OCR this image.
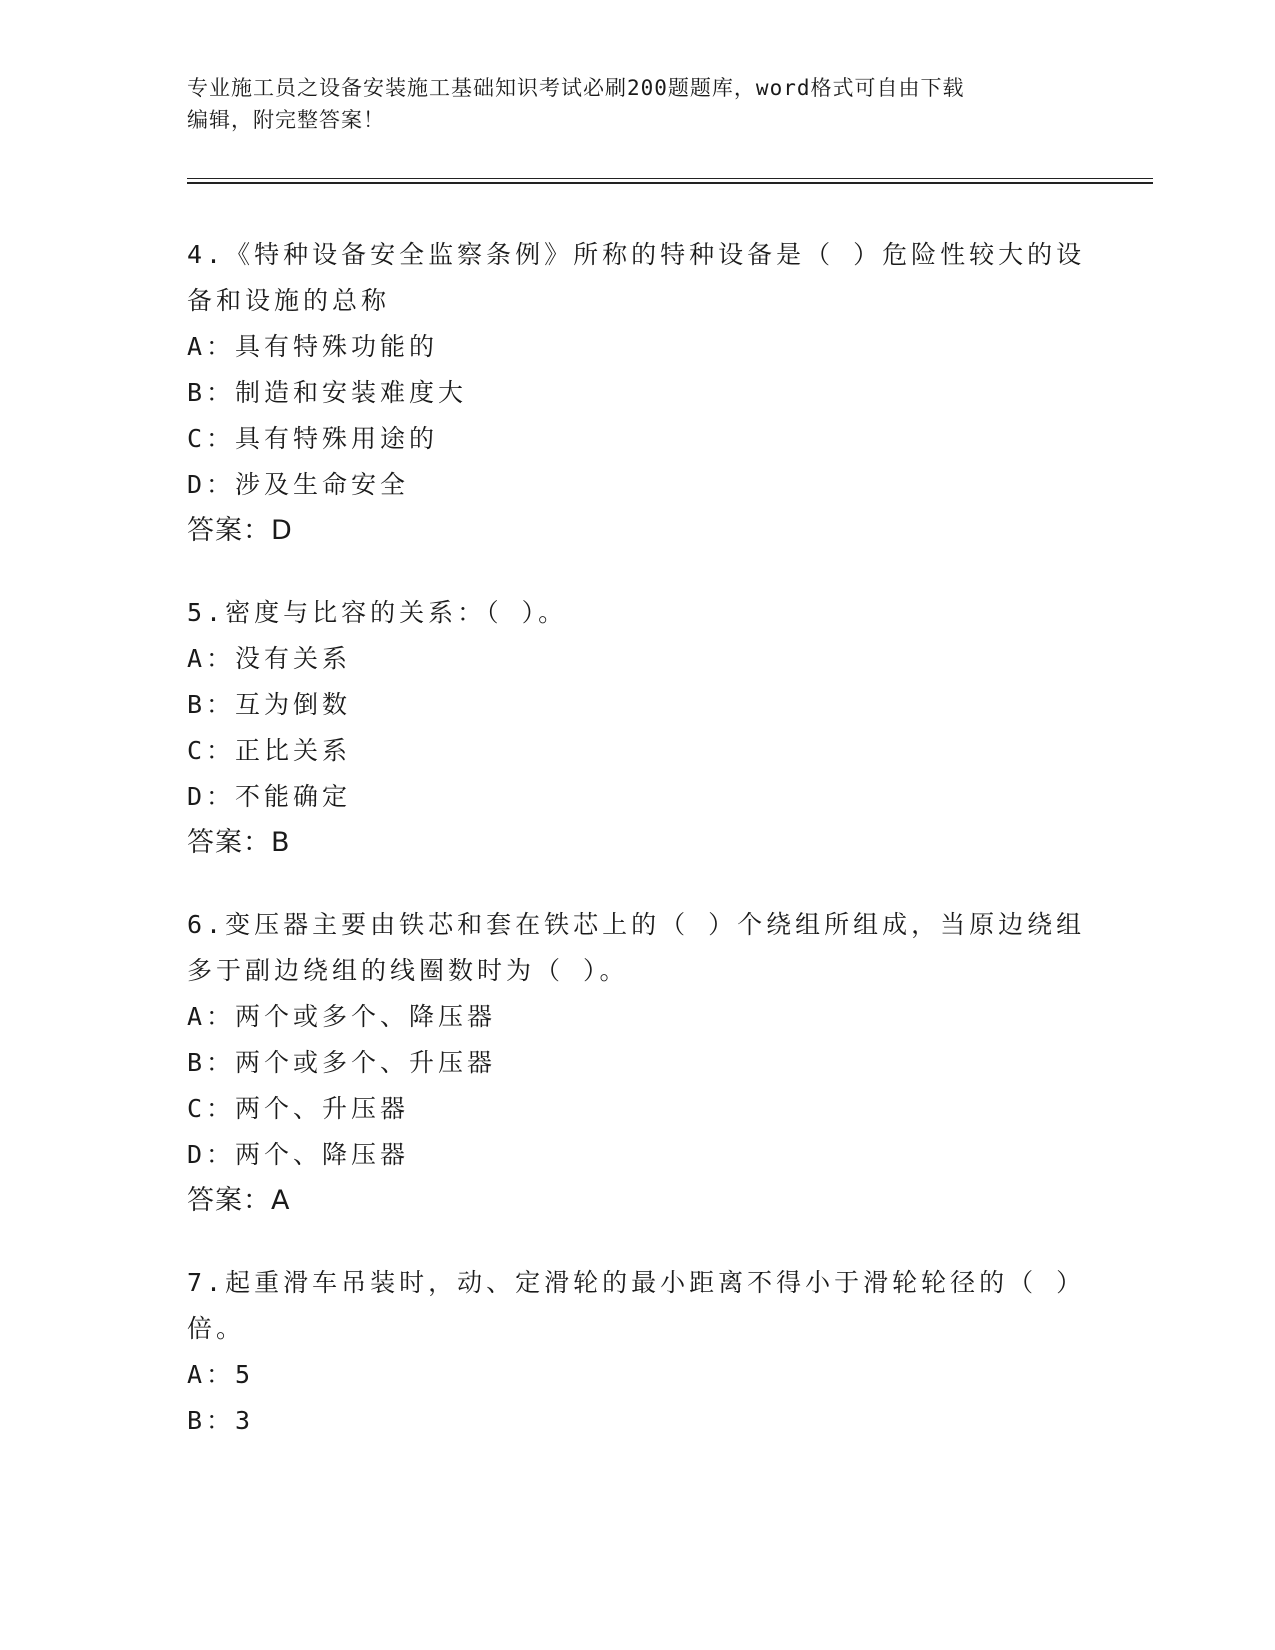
专业施工员之设备安装施工基础知识考试必刷200题题库，word格式可自由下载
编辑，附完整答案！
4.《特种设备安全监察条例》所称的特种设备是（ ）危险性较大的设
备和设施的总称
A：具有特殊功能的
B：制造和安装难度大
C：具有特殊用途的
D：涉及生命安全
答案：D
5.密度与比容的关系：（ ）。
A：没有关系
B：互为倒数
C：正比关系
D：不能确定
答案：B
6.变压器主要由铁芯和套在铁芯上的（ ）个绕组所组成，当原边绕组
多于副边绕组的线圈数时为（ ）。
A：两个或多个、降压器
B：两个或多个、升压器
C：两个、升压器
D：两个、降压器
答案：A
7.起重滑车吊装时，动、定滑轮的最小距离不得小于滑轮轮径的（ ）
倍。
A：5
B：3
